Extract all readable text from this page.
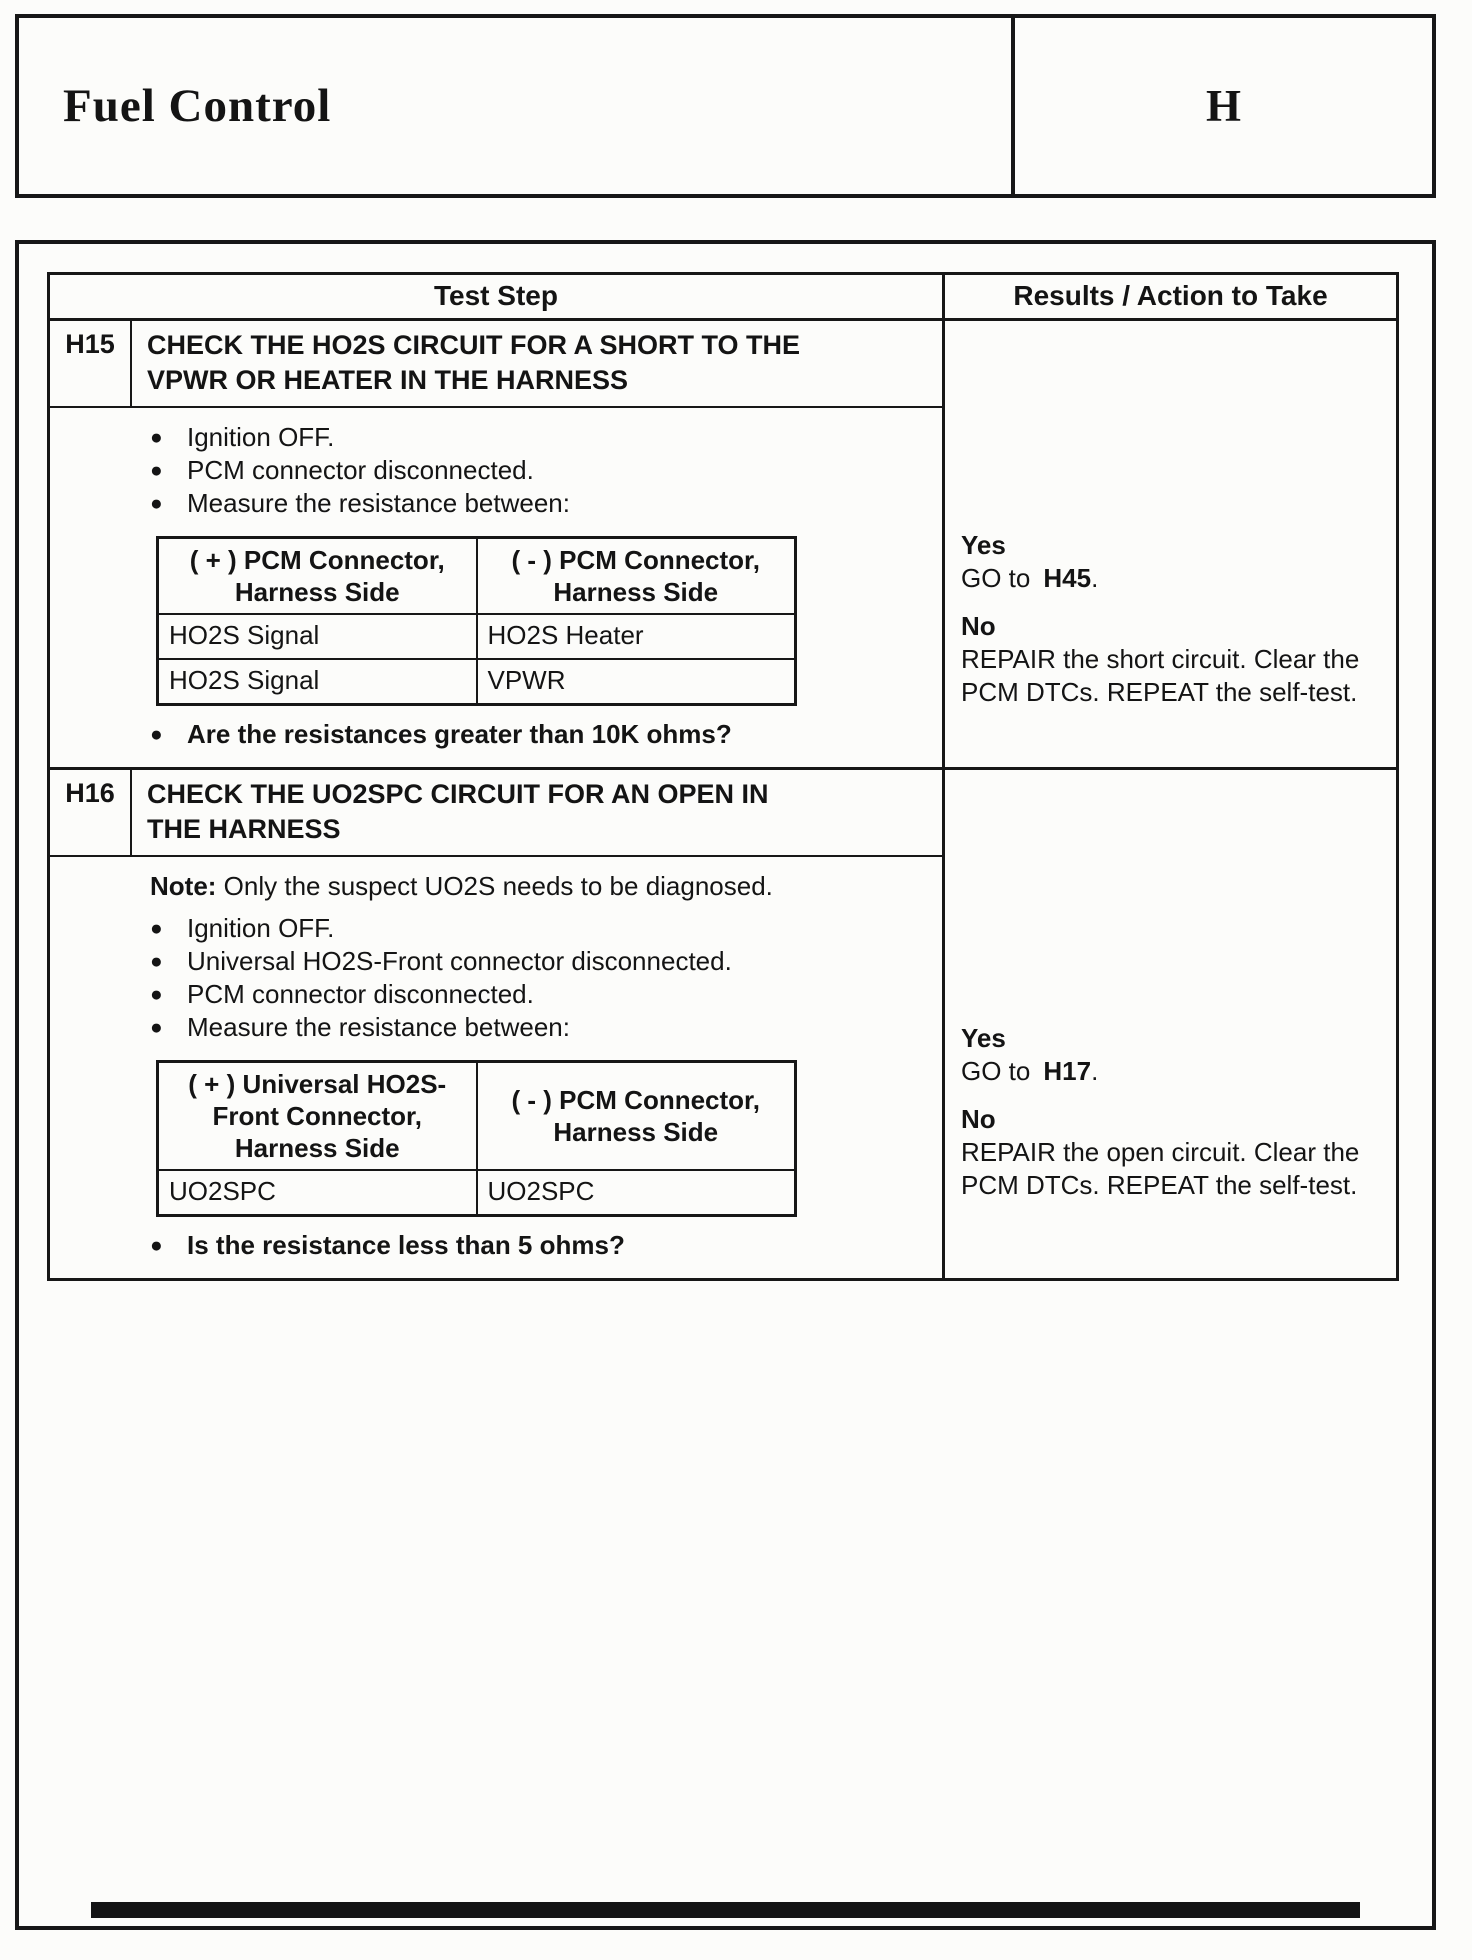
Fuel Control	H
Test Step	Results / Action to Take
H15	CHECK THE HO2S CIRCUIT FOR A SHORT TO THE VPWR OR HEATER IN THE HARNESS
● Ignition OFF.
● PCM connector disconnected.
● Measure the resistance between:
( + ) PCM Connector, Harness Side	( - ) PCM Connector, Harness Side
HO2S Signal	HO2S Heater
HO2S Signal	VPWR
● Are the resistances greater than 10K ohms?
Yes
GO to H45.
No
REPAIR the short circuit. Clear the PCM DTCs. REPEAT the self-test.
H16	CHECK THE UO2SPC CIRCUIT FOR AN OPEN IN THE HARNESS
Note: Only the suspect UO2S needs to be diagnosed.
● Ignition OFF.
● Universal HO2S-Front connector disconnected.
● PCM connector disconnected.
● Measure the resistance between:
( + ) Universal HO2S-Front Connector, Harness Side	( - ) PCM Connector, Harness Side
UO2SPC	UO2SPC
● Is the resistance less than 5 ohms?
Yes
GO to H17.
No
REPAIR the open circuit. Clear the PCM DTCs. REPEAT the self-test.
